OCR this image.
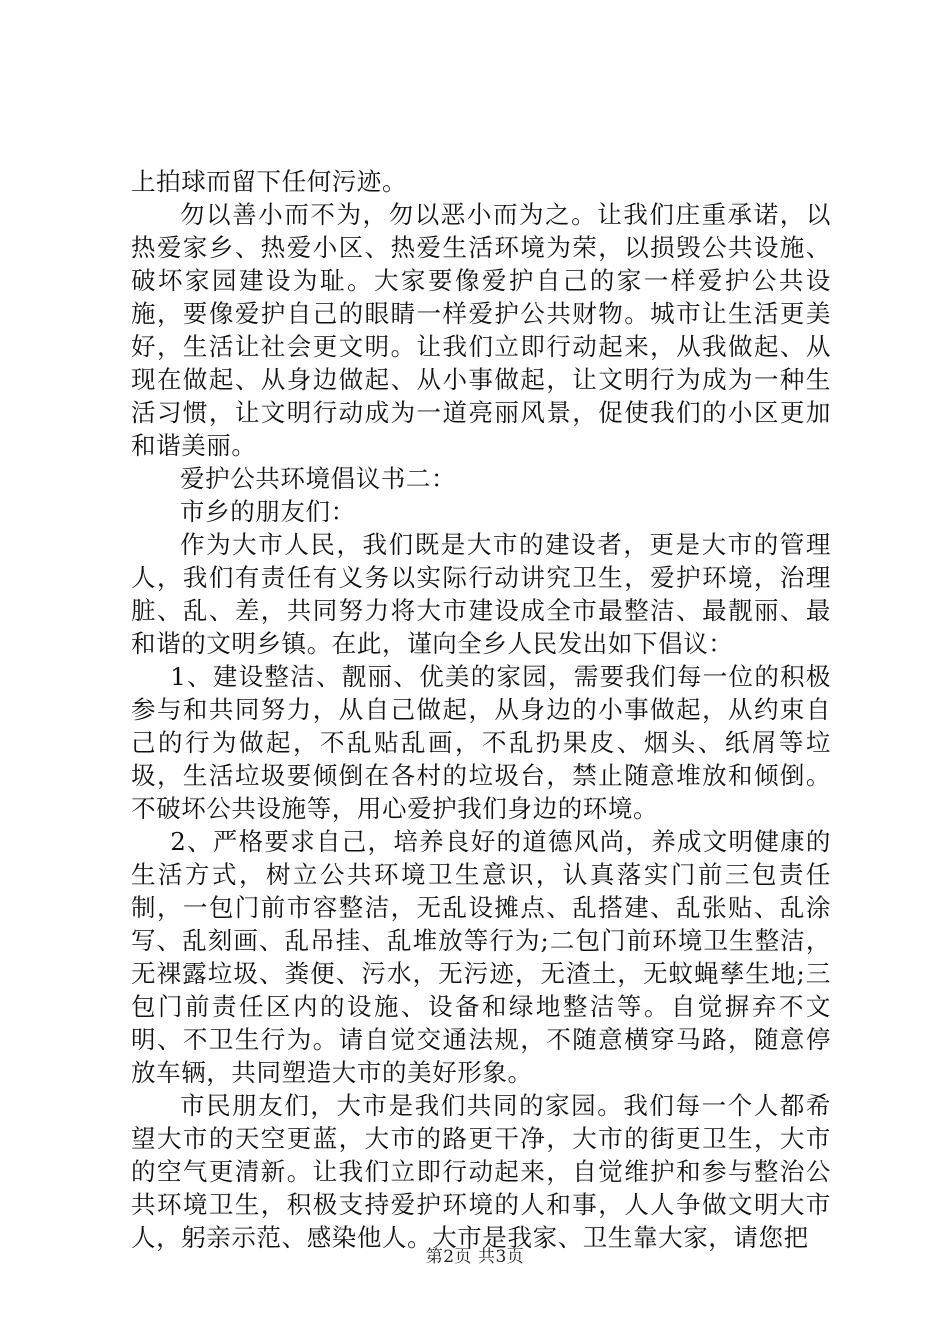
上拍球而留下任何污迹。

勿以善小而不为，勿以恶小而为之。让我们庄重承诺，以热爱家乡、热爱小区、热爱生活环境为荣，以损毁公共设施、破坏家园建设为耻。大家要像爱护自己的家一样爱护公共设施，要像爱护自己的眼睛一样爱护公共财物。城市让生活更美好，生活让社会更文明。让我们立即行动起来，从我做起、从现在做起、从身边做起、从小事做起，让文明行为成为一种生活习惯，让文明行动成为一道亮丽风景，促使我们的小区更加和谐美丽。

爱护公共环境倡议书二：

市乡的朋友们：

作为大市人民，我们既是大市的建设者，更是大市的管理人，我们有责任有义务以实际行动讲究卫生，爱护环境，治理脏、乱、差，共同努力将大市建设成全市最整洁、最靓丽、最和谐的文明乡镇。在此，谨向全乡人民发出如下倡议：

1、建设整洁、靓丽、优美的家园，需要我们每一位的积极参与和共同努力，从自己做起，从身边的小事做起，从约束自己的行为做起，不乱贴乱画，不乱扔果皮、烟头、纸屑等垃圾，生活垃圾要倾倒在各村的垃圾台，禁止随意堆放和倾倒。不破坏公共设施等，用心爱护我们身边的环境。

2、严格要求自己，培养良好的道德风尚，养成文明健康的生活方式，树立公共环境卫生意识，认真落实门前三包责任制，一包门前市容整洁，无乱设摊点、乱搭建、乱张贴、乱涂写、乱刻画、乱吊挂、乱堆放等行为;二包门前环境卫生整洁，无裸露垃圾、粪便、污水，无污迹，无渣土，无蚊蝇孳生地;三包门前责任区内的设施、设备和绿地整洁等。自觉摒弃不文明、不卫生行为。请自觉交通法规，不随意横穿马路，随意停放车辆，共同塑造大市的美好形象。

市民朋友们，大市是我们共同的家园。我们每一个人都希望大市的天空更蓝，大市的路更干净，大市的街更卫生，大市的空气更清新。让我们立即行动起来，自觉维护和参与整治公共环境卫生，积极支持爱护环境的人和事，人人争做文明大市人，躬亲示范、感染他人。大市是我家、卫生靠大家，请您把

第2页 共3页
